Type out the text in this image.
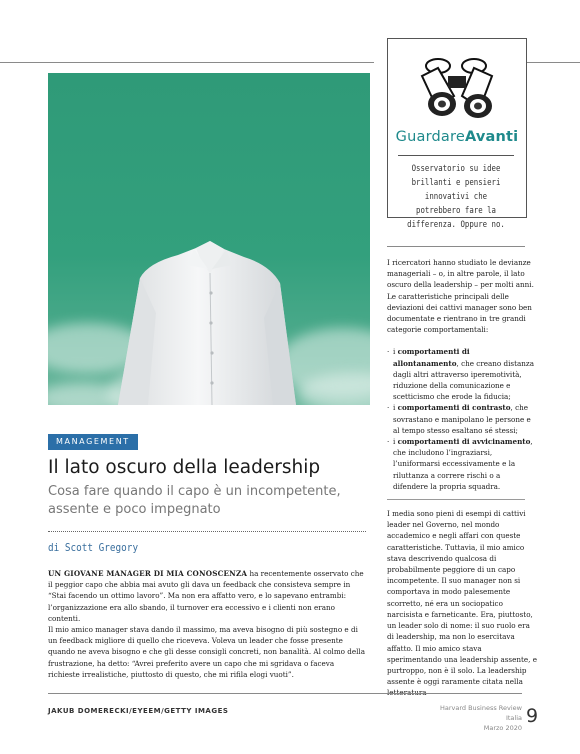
GuardareAvanti
Osservatorio su idee brillanti e pensieri innovativi che potrebbero fare la differenza. Oppure no.
MANAGEMENT
Il lato oscuro della leadership
Cosa fare quando il capo è un incompetente, assente e poco impegnato
di Scott Gregory
UN GIOVANE MANAGER DI MIA CONOSCENZA ha recentemente osservato che il peggior capo che abbia mai avuto gli dava un feedback che consisteva sempre in “Stai facendo un ottimo lavoro”. Ma non era affatto vero, e lo sapevano entrambi: l’organizzazione era allo sbando, il turnover era eccessivo e i clienti non erano contenti.
Il mio amico manager stava dando il massimo, ma aveva bisogno di più sostegno e di un feedback migliore di quello che riceveva. Voleva un leader che fosse presente quando ne aveva bisogno e che gli desse consigli concreti, non banalità. Al colmo della frustrazione, ha detto: “Avrei preferito avere un capo che mi sgridava o faceva richieste irrealistiche, piuttosto di questo, che mi rifila elogi vuoti”.

I ricercatori hanno studiato le devianze manageriali – o, in altre parole, il lato oscuro della leadership – per molti anni. Le caratteristiche principali delle deviazioni dei cattivi manager sono ben documentate e rientrano in tre grandi categorie comportamentali:

· i comportamenti di allontanamento, che creano distanza dagli altri attraverso iperemotività, riduzione della comunicazione e scetticismo che erode la fiducia;
· i comportamenti di contrasto, che sovrastano e manipolano le persone e al tempo stesso esaltano sé stessi;
· i comportamenti di avvicinamento, che includono l’ingraziarsi, l’uniformarsi eccessivamente e la riluttanza a correre rischi o a difendere la propria squadra.

I media sono pieni di esempi di cattivi leader nel Governo, nel mondo accademico e negli affari con queste caratteristiche. Tuttavia, il mio amico stava descrivendo qualcosa di probabilmente peggiore di un capo incompetente. Il suo manager non si comportava in modo palesemente scorretto, né era un sociopatico narcisista e farneticante. Era, piuttosto, un leader solo di nome: il suo ruolo era di leadership, ma non lo esercitava affatto. Il mio amico stava sperimentando una leadership assente, e purtroppo, non è il solo. La leadership assente è oggi raramente citata nella

JAKUB DOMERECKI/EYEEM/GETTY IMAGES	Harvard Business Review Italia
Marzo 2020
9
